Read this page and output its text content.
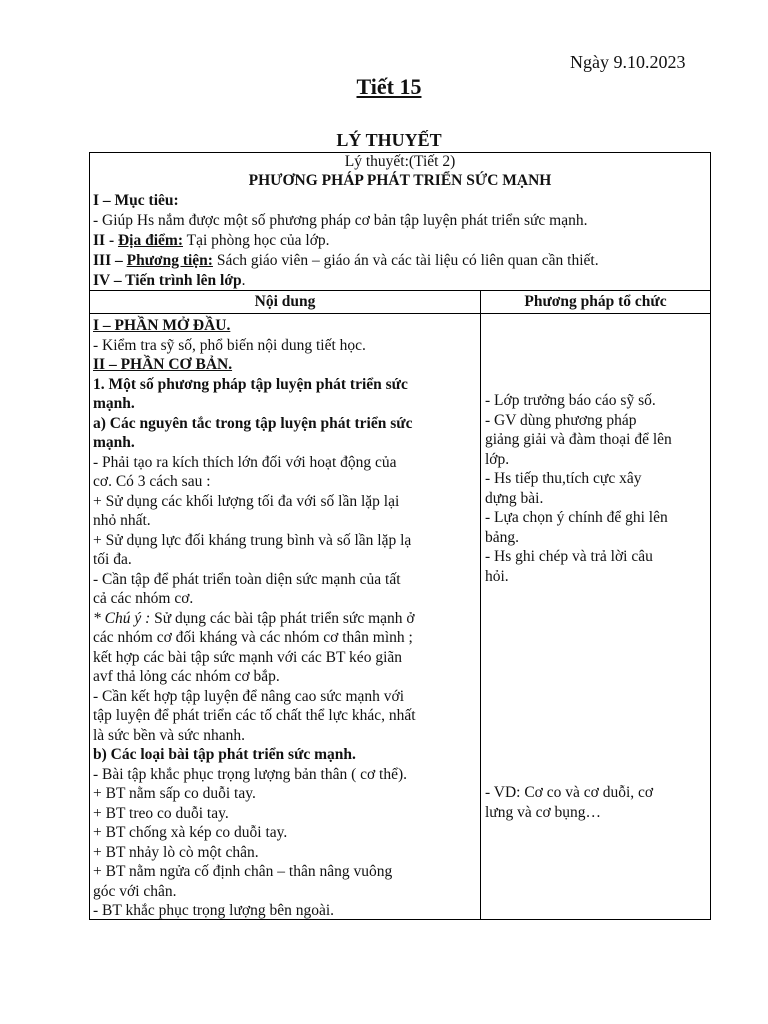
Ngày 9.10.2023
Tiết 15
LÝ THUYẾT
Lý thuyết:(Tiết 2)
PHƯƠNG PHÁP PHÁT TRIỂN SỨC MẠNH
I – Mục tiêu:
- Giúp Hs nắm được một số phương pháp cơ bản tập luyện phát triển sức mạnh.
II - Địa điểm: Tại phòng học của lớp.
III – Phương tiện: Sách giáo viên – giáo án và các tài liệu có liên quan cần thiết.
IV – Tiến trình lên lớp.
Nội dung	Phương pháp tổ chức
I – PHẦN MỞ ĐẦU.
- Kiểm tra sỹ số, phổ biến nội dung tiết học.
II – PHẦN CƠ BẢN.
1. Một số phương pháp tập luyện phát triển sức
mạnh.
a) Các nguyên tắc trong tập luyện phát triển sức
mạnh.
- Phải tạo ra kích thích lớn đối với hoạt động của
cơ. Có 3 cách sau :
+ Sử dụng các khối lượng tối đa với số lần lặp lại
nhỏ nhất.
+ Sử dụng lực đối kháng trung bình và số lần lặp lạ
tối đa.
- Cần tập để phát triển toàn diện sức mạnh của tất
cả các nhóm cơ.
* Chú ý : Sử dụng các bài tập phát triển sức mạnh ở
các nhóm cơ đối kháng và các nhóm cơ thân mình ;
kết hợp các bài tập sức mạnh với các BT kéo giãn
avf thả lỏng các nhóm cơ bắp.
- Cần kết hợp tập luyện để nâng cao sức mạnh với
tập luyện để phát triển các tố chất thể lực khác, nhất
là sức bền và sức nhanh.
b) Các loại bài tập phát triển sức mạnh.
- Bài tập khắc phục trọng lượng bản thân ( cơ thể).
+ BT nằm sấp co duỗi tay.
+ BT treo co duỗi tay.
+ BT chống xà kép co duỗi tay.
+ BT nhảy lò cò một chân.
+ BT nằm ngửa cố định chân – thân nâng vuông
góc với chân.
- BT khắc phục trọng lượng bên ngoài.
- Lớp trưởng báo cáo sỹ số.
- GV dùng phương pháp
giảng giải và đàm thoại để lên
lớp.
- Hs tiếp thu,tích cực xây
dựng bài.
- Lựa chọn ý chính để ghi lên
bảng.
- Hs ghi chép và trả lời câu
hỏi.
- VD: Cơ co và cơ duỗi, cơ
lưng và cơ bụng…
